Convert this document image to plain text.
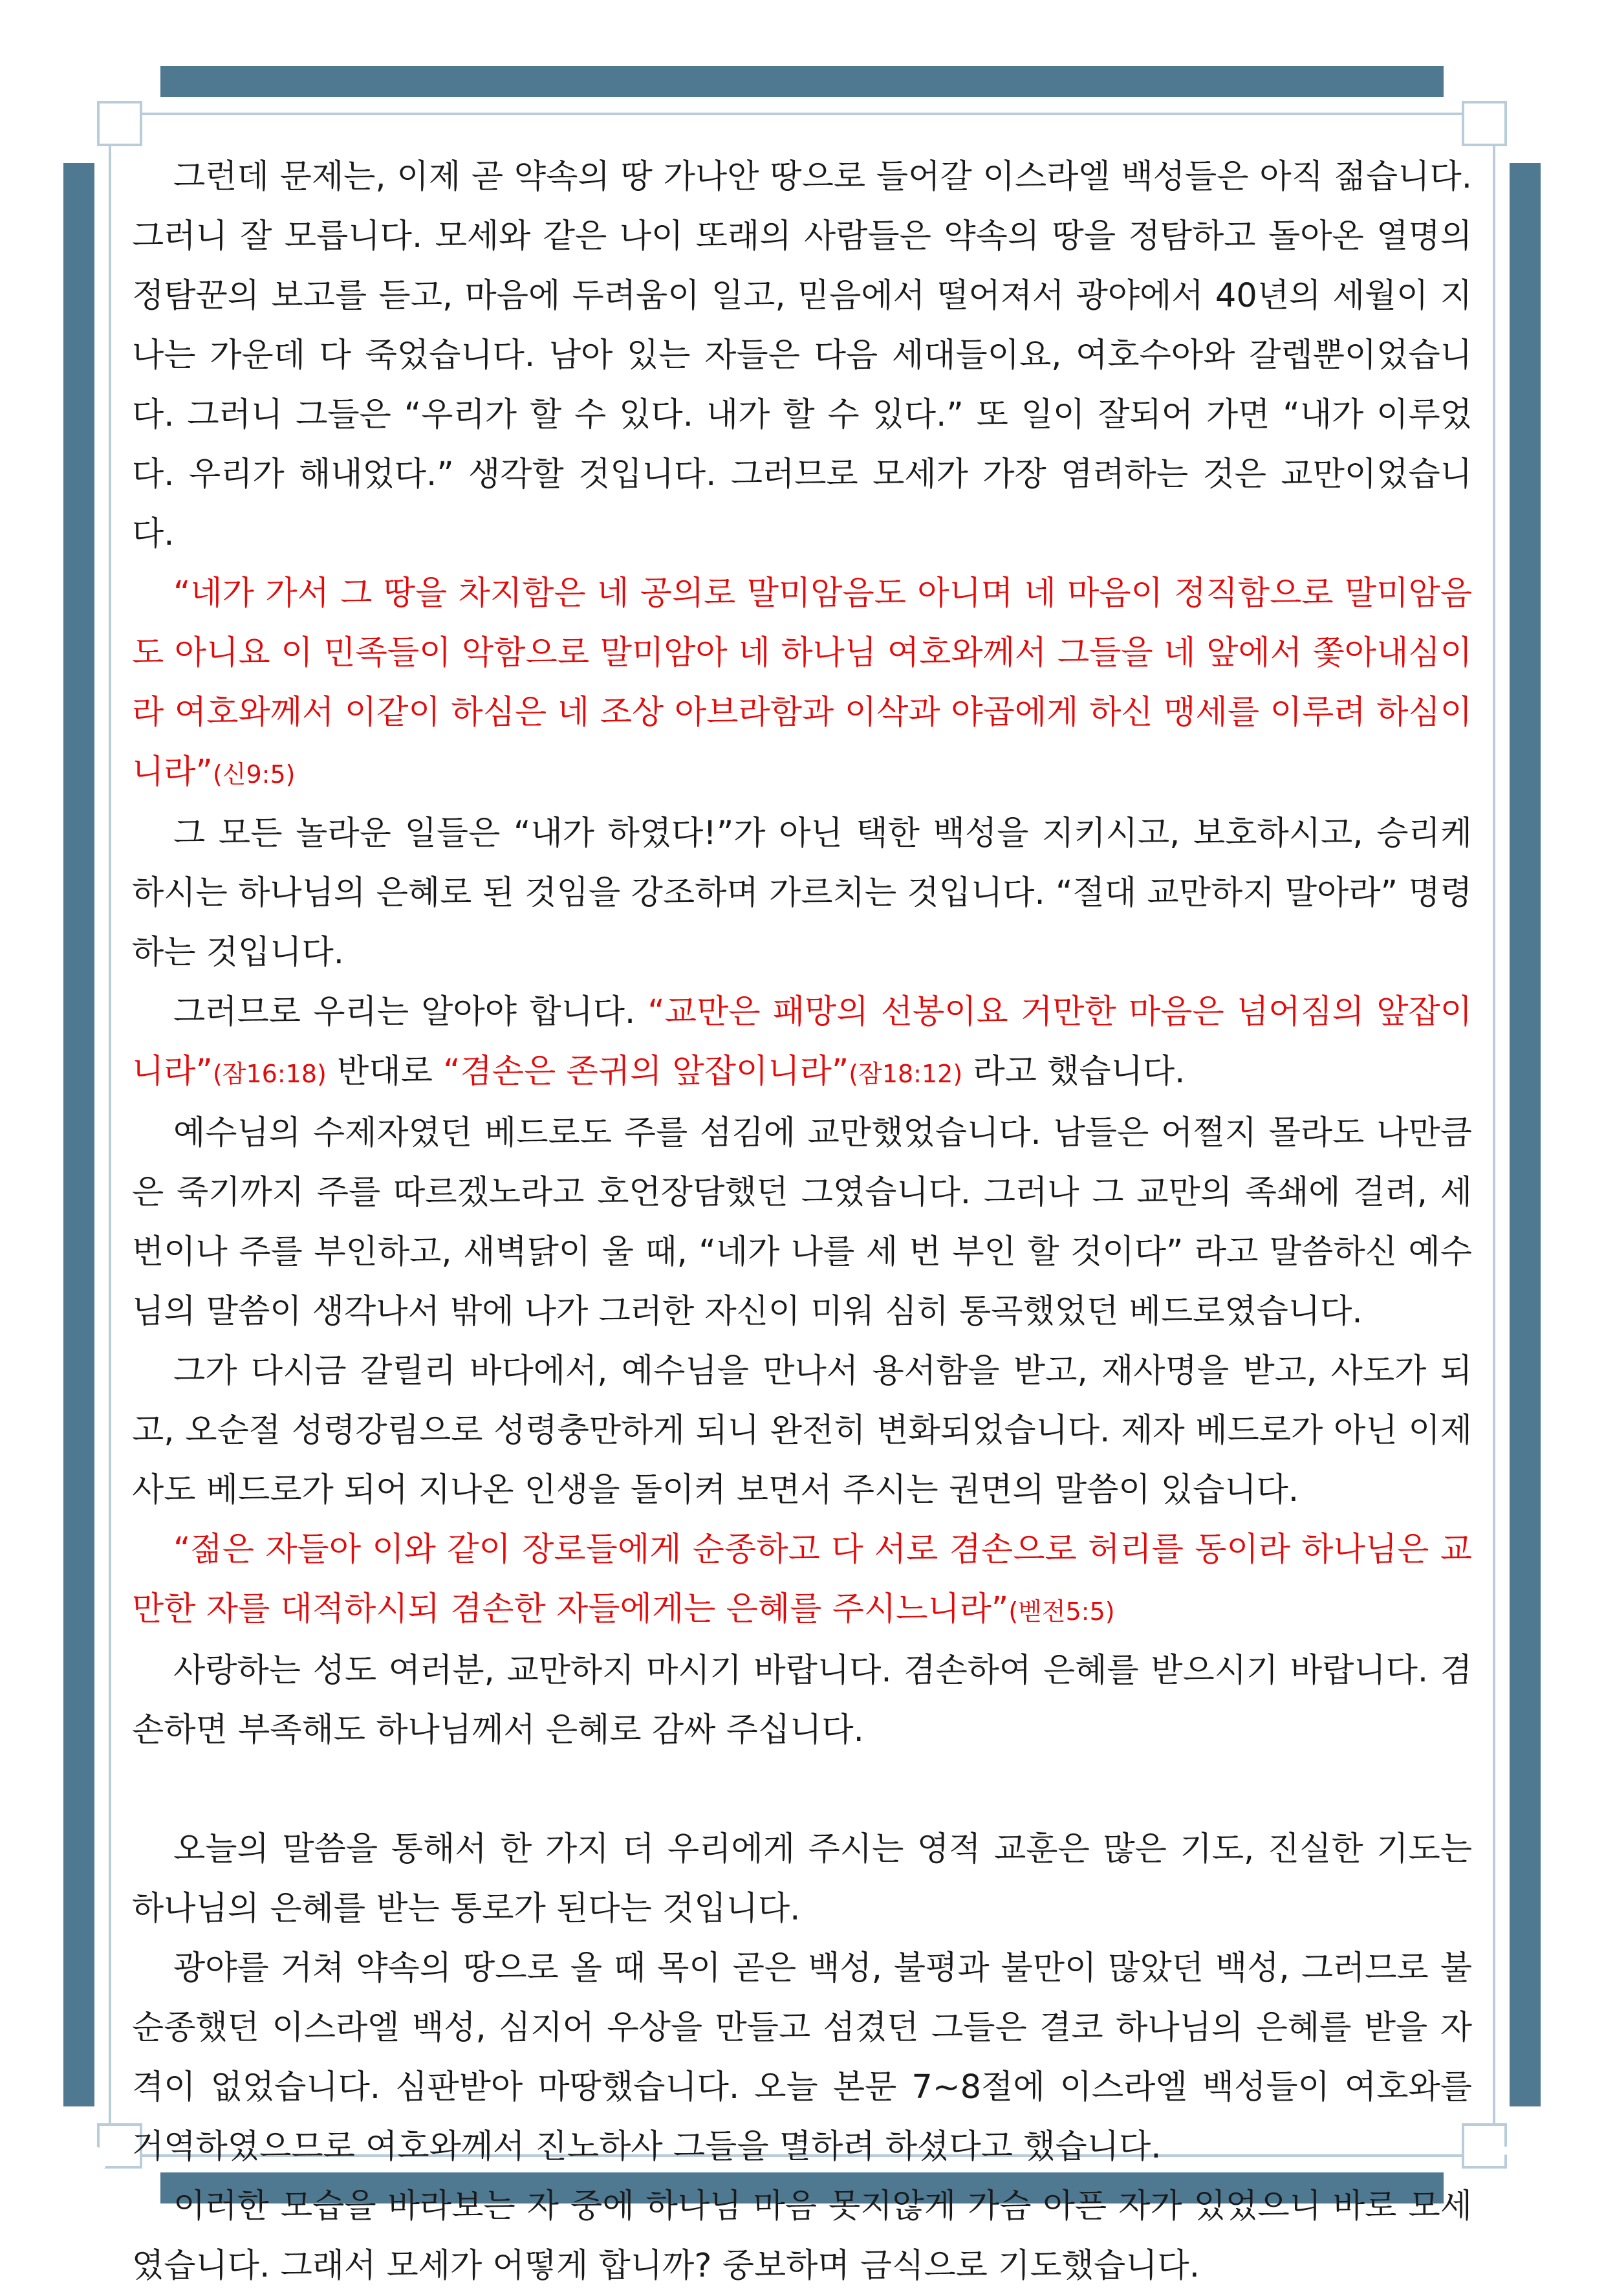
2	2

그런데 문제는, 이제 곧 약속의 땅 가나안 땅으로 들어갈 이스라엘 백성들은 아직 젊습니다. 그러니 잘 모릅니다. 모세와 같은 나이 또래의 사람들은 약속의 땅을 정탐하고 돌아온 열명의 정탐꾼의 보고를 듣고, 마음에 두려움이 일고, 믿음에서 떨어져서 광야에서 40년의 세월이 지나는 가운데 다 죽었습니다. 남아 있는 자들은 다음 세대들이요, 여호수아와 갈렙뿐이었습니다. 그러니 그들은 “우리가 할 수 있다. 내가 할 수 있다.” 또 일이 잘되어 가면 “내가 이루었다. 우리가 해내었다.” 생각할 것입니다. 그러므로 모세가 가장 염려하는 것은 교만이었습니다.

“네가 가서 그 땅을 차지함은 네 공의로 말미암음도 아니며 네 마음이 정직함으로 말미암음도 아니요 이 민족들이 악함으로 말미암아 네 하나님 여호와께서 그들을 네 앞에서 쫓아내심이라 여호와께서 이같이 하심은 네 조상 아브라함과 이삭과 야곱에게 하신 맹세를 이루려 하심이니라”(신9:5)

그 모든 놀라운 일들은 “내가 하였다!”가 아닌 택한 백성을 지키시고, 보호하시고, 승리케 하시는 하나님의 은혜로 된 것임을 강조하며 가르치는 것입니다. “절대 교만하지 말아라” 명령하는 것입니다.

그러므로 우리는 알아야 합니다. “교만은 패망의 선봉이요 거만한 마음은 넘어짐의 앞잡이니라”(잠16:18) 반대로 “겸손은 존귀의 앞잡이니라”(잠18:12) 라고 했습니다.

예수님의 수제자였던 베드로도 주를 섬김에 교만했었습니다. 남들은 어쩔지 몰라도 나만큼은 죽기까지 주를 따르겠노라고 호언장담했던 그였습니다. 그러나 그 교만의 족쇄에 걸려, 세 번이나 주를 부인하고, 새벽닭이 울 때, “네가 나를 세 번 부인 할 것이다” 라고 말씀하신 예수님의 말씀이 생각나서 밖에 나가 그러한 자신이 미워 심히 통곡했었던 베드로였습니다.

그가 다시금 갈릴리 바다에서, 예수님을 만나서 용서함을 받고, 재사명을 받고, 사도가 되고, 오순절 성령강림으로 성령충만하게 되니 완전히 변화되었습니다. 제자 베드로가 아닌 이제 사도 베드로가 되어 지나온 인생을 돌이켜 보면서 주시는 권면의 말씀이 있습니다.

“젊은 자들아 이와 같이 장로들에게 순종하고 다 서로 겸손으로 허리를 동이라 하나님은 교만한 자를 대적하시되 겸손한 자들에게는 은혜를 주시느니라”(벧전5:5)

사랑하는 성도 여러분, 교만하지 마시기 바랍니다. 겸손하여 은혜를 받으시기 바랍니다. 겸손하면 부족해도 하나님께서 은혜로 감싸 주십니다.

오늘의 말씀을 통해서 한 가지 더 우리에게 주시는 영적 교훈은 많은 기도, 진실한 기도는 하나님의 은혜를 받는 통로가 된다는 것입니다.

광야를 거쳐 약속의 땅으로 올 때 목이 곧은 백성, 불평과 불만이 많았던 백성, 그러므로 불순종했던 이스라엘 백성, 심지어 우상을 만들고 섬겼던 그들은 결코 하나님의 은혜를 받을 자격이 없었습니다. 심판받아 마땅했습니다. 오늘 본문 7~8절에 이스라엘 백성들이 여호와를 거역하였으므로 여호와께서 진노하사 그들을 멸하려 하셨다고 했습니다.

이러한 모습을 바라보는 자 중에 하나님 마음 못지않게 가슴 아픈 자가 있었으니 바로 모세였습니다. 그래서 모세가 어떻게 합니까? 중보하며 금식으로 기도했습니다.
